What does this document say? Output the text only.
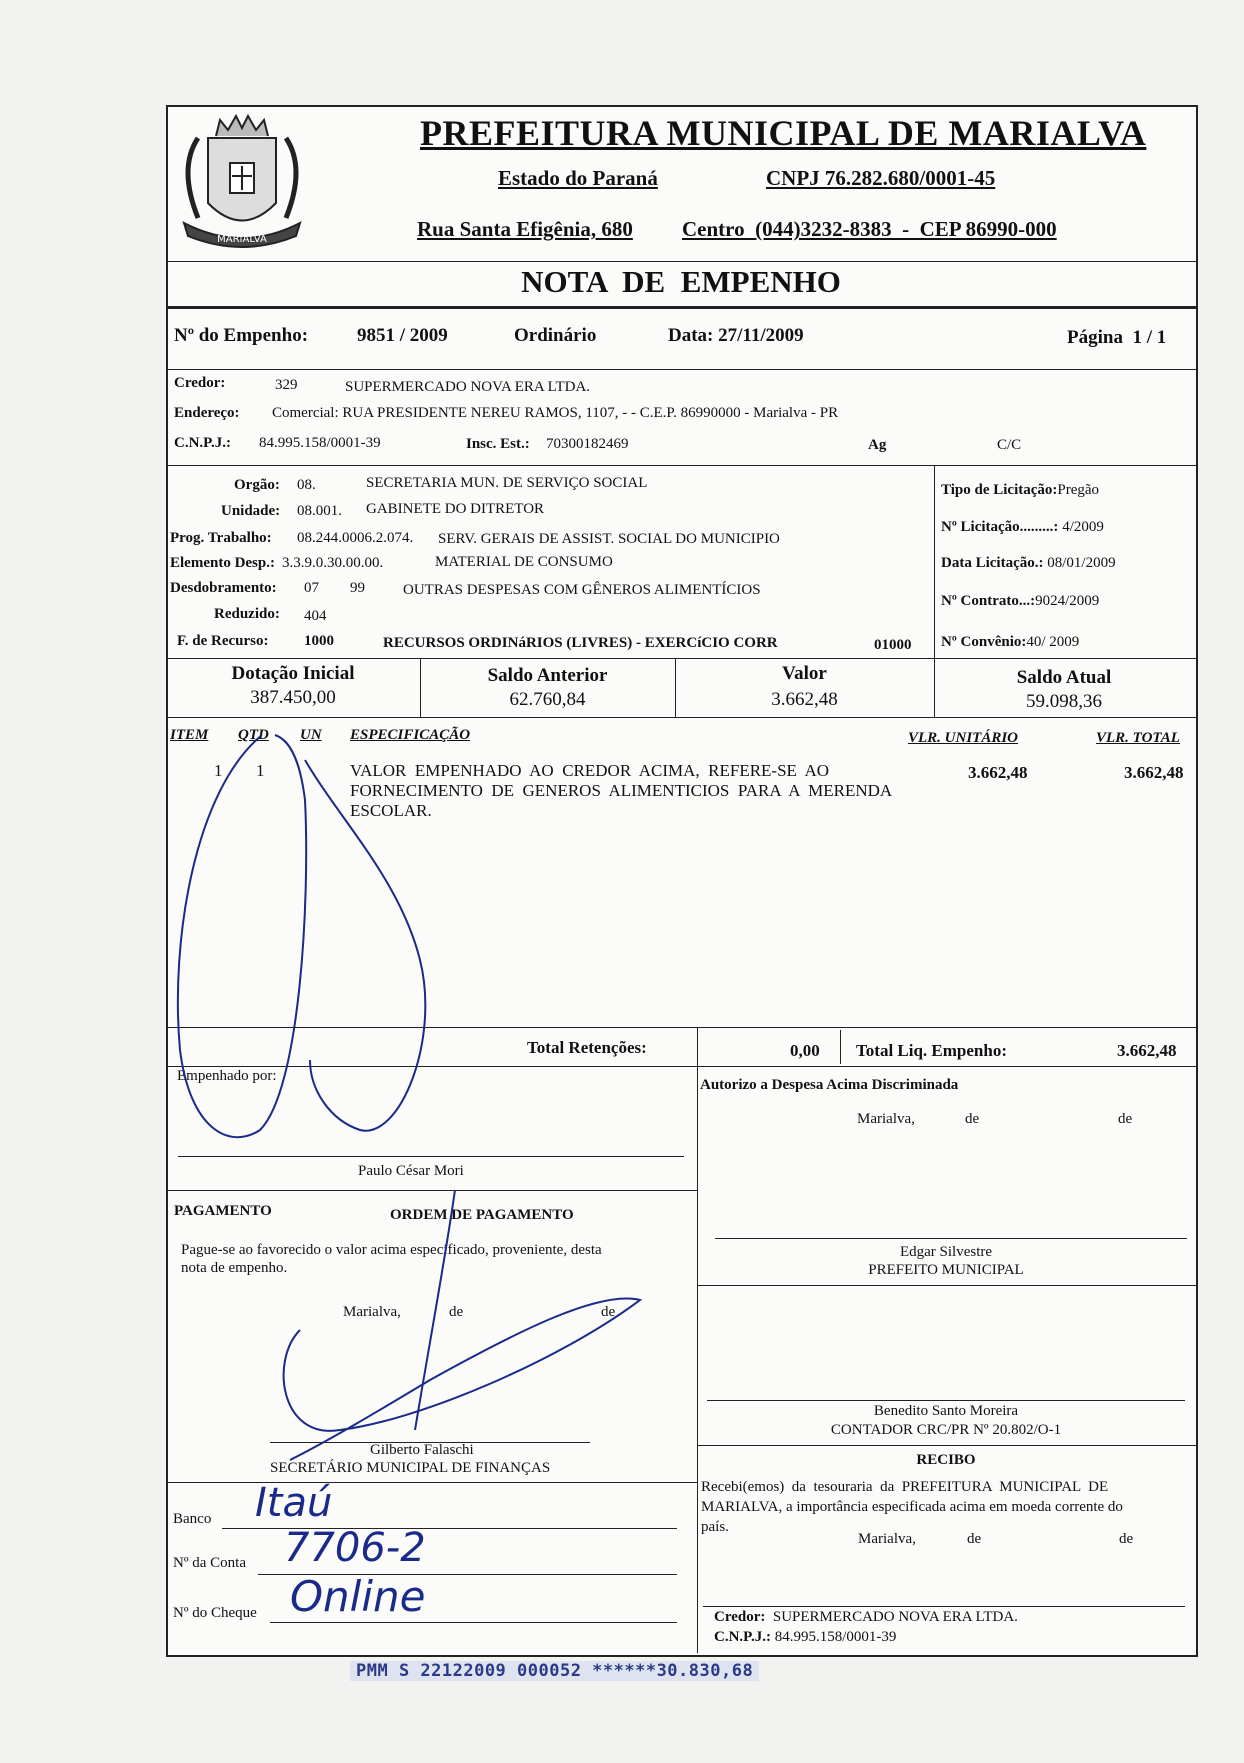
MARIALVA
PREFEITURA MUNICIPAL DE MARIALVA
Estado do Paraná	CNPJ 76.282.680/0001-45
Rua Santa Efigênia, 680 Centro  (044)3232-8383  -  CEP 86990-000
NOTA  DE  EMPENHO
Nº do Empenho:	9851 / 2009	Ordinário	Data: 27/11/2009	Página  1 / 1
Credor:	329	SUPERMERCADO NOVA ERA LTDA.
Endereço: Comercial: RUA PRESIDENTE NEREU RAMOS, 1107, - - C.E.P. 86990000 - Marialva - PR
C.N.P.J.: 84.995.158/0001-39	Insc. Est.: 70300182469	Ag	C/C
Orgão: 08.	SECRETARIA MUN. DE SERVIÇO SOCIAL
Unidade: 08.001. GABINETE DO DITRETOR
Prog. Trabalho: 08.244.0006.2.074. SERV. GERAIS DE ASSIST. SOCIAL DO MUNICIPIO
Elemento Desp.: 3.3.9.0.30.00.00.	MATERIAL DE CONSUMO
Desdobramento: 07 99	OUTRAS DESPESAS COM GÊNEROS ALIMENTÍCIOS
Reduzido: 404
F. de Recurso: 1000	RECURSOS ORDINáRIOS (LIVRES) - EXERCíCIO CORR	01000
Tipo de Licitação:Pregão
Nº Licitação.........: 4/2009
Data Licitação.: 08/01/2009
Nº Contrato...:9024/2009
Nº Convênio:40/ 2009
Dotação Inicial
387.450,00
Saldo Anterior
62.760,84
Valor
3.662,48
Saldo Atual
59.098,36
ITEM QTD UN ESPECIFICAÇÃO	VLR. UNITÁRIO	VLR. TOTAL
1 1	VALOR  EMPENHADO  AO  CREDOR  ACIMA,  REFERE-SE  AO
FORNECIMENTO  DE  GENEROS  ALIMENTICIOS  PARA  A  MERENDA
ESCOLAR.
3.662,48	3.662,48
Total Retenções:	0,00 Total Liq. Empenho:	3.662,48
Empenhado por:
Paulo César Mori
Autorizo a Despesa Acima Discriminada
Marialva,	de	de
Edgar Silvestre
PREFEITO MUNICIPAL
PAGAMENTO	ORDEM DE PAGAMENTO
Pague-se ao favorecido o valor acima especificado, proveniente, desta
nota de empenho.
Marialva,	de	de
Gilberto Falaschi
SECRETÁRIO MUNICIPAL DE FINANÇAS
Banco Itaú
Nº da Conta 7706-2
Nº do Cheque Online
Benedito Santo Moreira
CONTADOR CRC/PR Nº 20.802/O-1
RECIBO
Recebi(emos)  da  tesouraria  da  PREFEITURA  MUNICIPAL  DE
MARIALVA, a importância especificada acima em moeda corrente do
país.
Marialva,	de	de
Credor: SUPERMERCADO NOVA ERA LTDA.
C.N.P.J.: 84.995.158/0001-39
PMM S 22122009 000052 ******30.830,68
